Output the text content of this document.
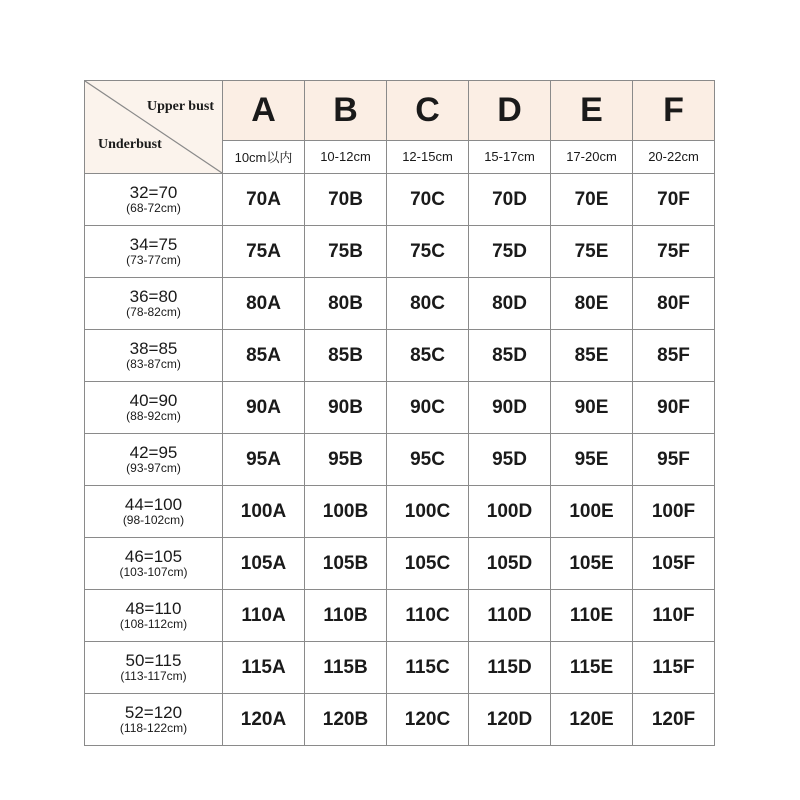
Upper bust
Underbust	A	B	C	D	E	F
	10cm以内	10-12cm	12-15cm	15-17cm	17-20cm	20-22cm

32=70
(68-72cm)	70A	70B	70C	70D	70E	70F

34=75
(73-77cm)	75A	75B	75C	75D	75E	75F

36=80
(78-82cm)	80A	80B	80C	80D	80E	80F

38=85
(83-87cm)	85A	85B	85C	85D	85E	85F

40=90
(88-92cm)	90A	90B	90C	90D	90E	90F

42=95
(93-97cm)	95A	95B	95C	95D	95E	95F

44=100
(98-102cm)	100A	100B	100C	100D	100E	100F

46=105
(103-107cm)	105A	105B	105C	105D	105E	105F

48=110
(108-112cm)	110A	110B	110C	110D	110E	110F

50=115
(113-117cm)	115A	115B	115C	115D	115E	115F

52=120
(118-122cm)	120A	120B	120C	120D	120E	120F
